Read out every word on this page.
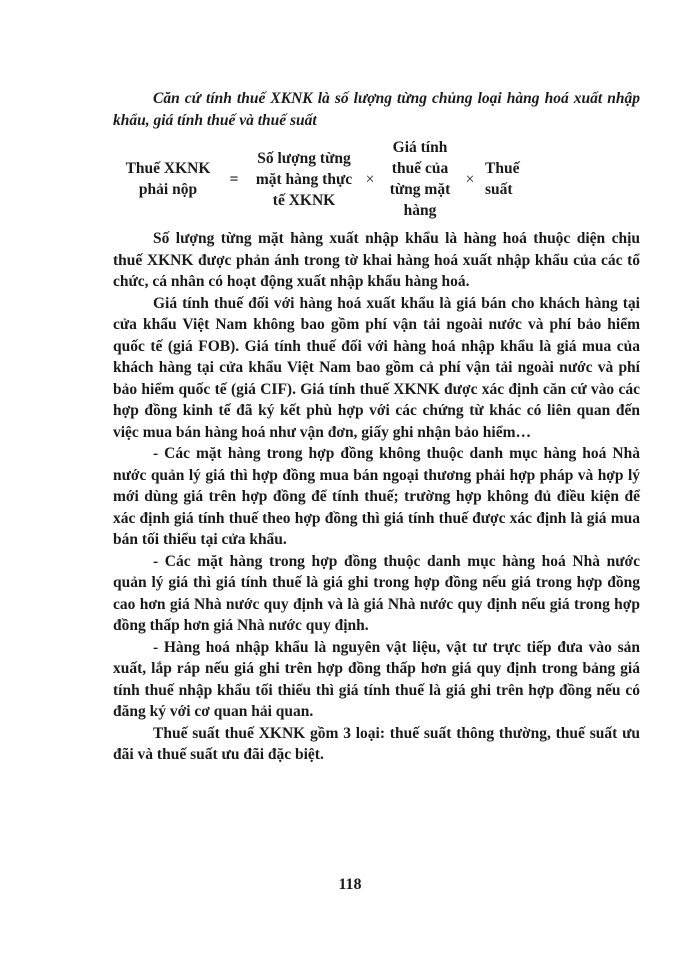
Căn cứ tính thuế XKNK là số lượng từng chủng loại hàng hoá xuất nhập khẩu, giá tính thuế và thuế suất

Thuế XKNK phải nộp
=
Số lượng từng mặt hàng thực tế XKNK
×
Giá tính thuế của từng mặt hàng
×
Thuế suất

Số lượng từng mặt hàng xuất nhập khẩu là hàng hoá thuộc diện chịu thuế XKNK được phản ánh trong tờ khai hàng hoá xuất nhập khẩu của các tổ chức, cá nhân có hoạt động xuất nhập khẩu hàng hoá.

Giá tính thuế đối với hàng hoá xuất khẩu là giá bán cho khách hàng tại cửa khẩu Việt Nam không bao gồm phí vận tải ngoài nước và phí bảo hiểm quốc tế (giá FOB). Giá tính thuế đối với hàng hoá nhập khẩu là giá mua của khách hàng tại cửa khẩu Việt Nam bao gồm cả phí vận tải ngoài nước và phí bảo hiểm quốc tế (giá CIF). Giá tính thuế XKNK được xác định căn cứ vào các hợp đồng kinh tế đã ký kết phù hợp với các chứng từ khác có liên quan đến việc mua bán hàng hoá như vận đơn, giấy ghi nhận bảo hiểm…

- Các mặt hàng trong hợp đồng không thuộc danh mục hàng hoá Nhà nước quản lý giá thì hợp đồng mua bán ngoại thương phải hợp pháp và hợp lý mới dùng giá trên hợp đồng để tính thuế; trường hợp không đủ điều kiện để xác định giá tính thuế theo hợp đồng thì giá tính thuế được xác định là giá mua bán tối thiểu tại cửa khẩu.

- Các mặt hàng trong hợp đồng thuộc danh mục hàng hoá Nhà nước quản lý giá thì giá tính thuế là giá ghi trong hợp đồng nếu giá trong hợp đồng cao hơn giá Nhà nước quy định và là giá Nhà nước quy định nếu giá trong hợp đồng thấp hơn giá Nhà nước quy định.

- Hàng hoá nhập khẩu là nguyên vật liệu, vật tư trực tiếp đưa vào sản xuất, lắp ráp nếu giá ghi trên hợp đồng thấp hơn giá quy định trong bảng giá tính thuế nhập khẩu tối thiểu thì giá tính thuế là giá ghi trên hợp đồng nếu có đăng ký với cơ quan hải quan.

Thuế suất thuế XKNK gồm 3 loại: thuế suất thông thường, thuế suất ưu đãi và thuế suất ưu đãi đặc biệt.

118
